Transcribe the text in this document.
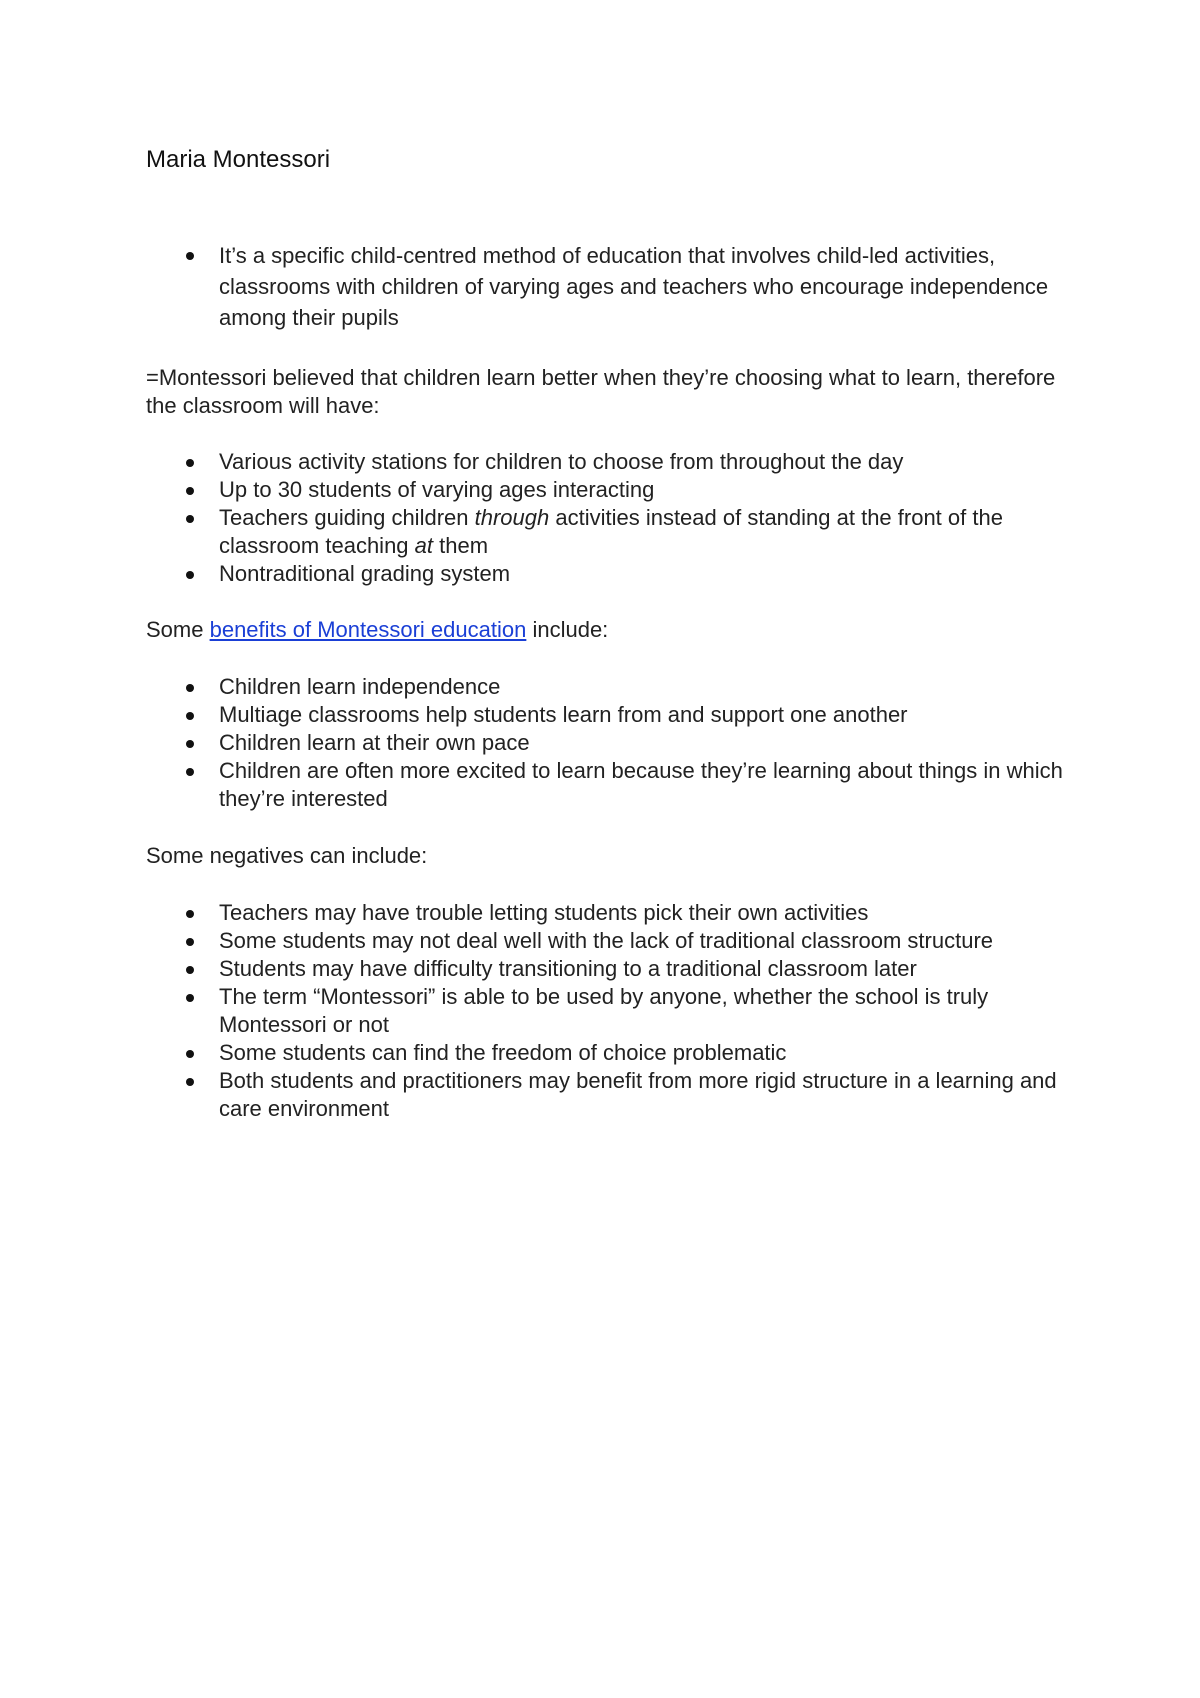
Maria Montessori
It’s a specific child-centred method of education that involves child-led activities, classrooms with children of varying ages and teachers who encourage independence among their pupils

=Montessori believed that children learn better when they’re choosing what to learn, therefore the classroom will have:

Various activity stations for children to choose from throughout the day
Up to 30 students of varying ages interacting
Teachers guiding children through activities instead of standing at the front of the classroom teaching at them
Nontraditional grading system

Some benefits of Montessori education include:

Children learn independence
Multiage classrooms help students learn from and support one another
Children learn at their own pace
Children are often more excited to learn because they’re learning about things in which they’re interested

Some negatives can include:

Teachers may have trouble letting students pick their own activities
Some students may not deal well with the lack of traditional classroom structure
Students may have difficulty transitioning to a traditional classroom later
The term “Montessori” is able to be used by anyone, whether the school is truly Montessori or not
Some students can find the freedom of choice problematic
Both students and practitioners may benefit from more rigid structure in a learning and care environment
